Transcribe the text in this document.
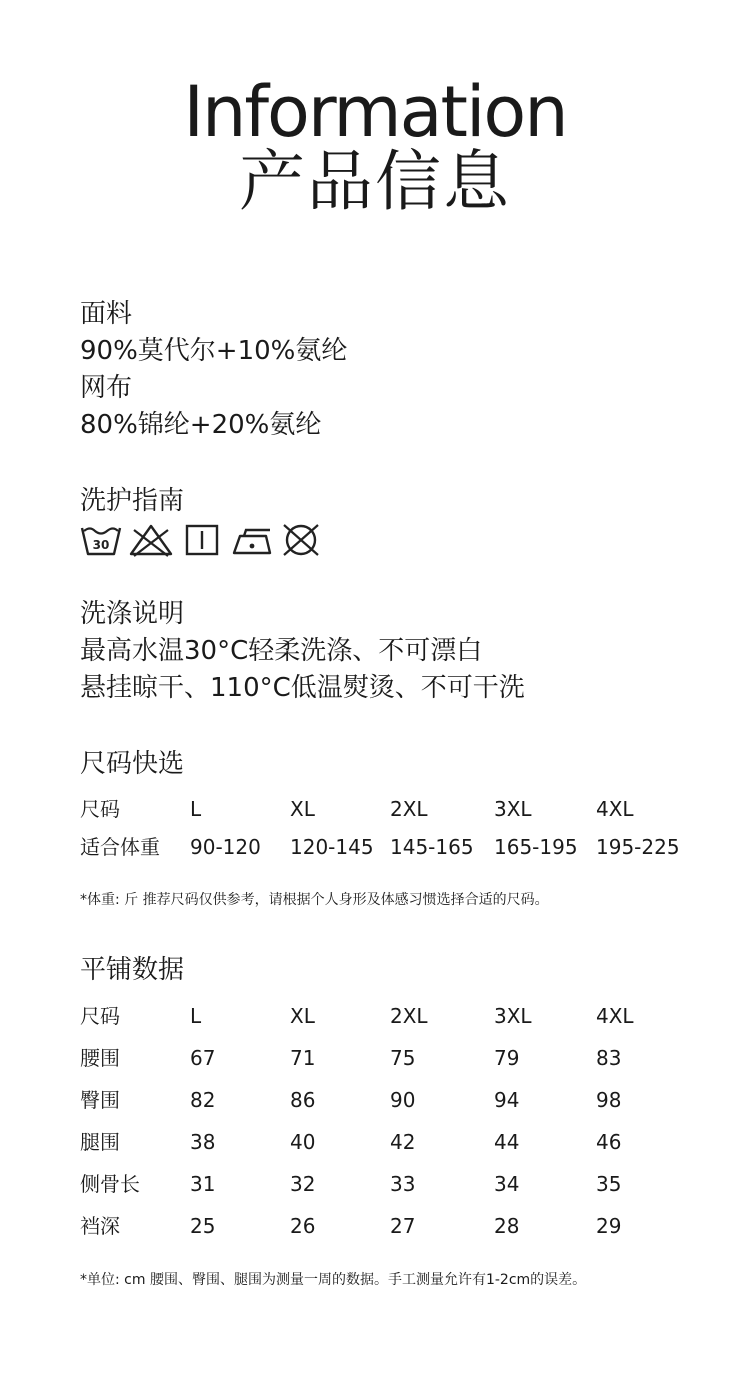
Information
产品信息
面料
90%莫代尔+10%氨纶
网布
80%锦纶+20%氨纶
洗护指南
30
洗涤说明
最高水温30°C轻柔洗涤、不可漂白
悬挂晾干、110°C低温熨烫、不可干洗
尺码快选
尺码	L	XL	2XL	3XL	4XL
适合体重 90-120 120-145 145-165 165-195 195-225
*体重: 斤 推荐尺码仅供参考，请根据个人身形及体感习惯选择合适的尺码。
平铺数据
尺码	L	XL	2XL	3XL	4XL
腰围	67	71	75	79	83
臀围	82	86	90	94	98
腿围	38	40	42	44	46
侧骨长	31	32	33	34	35
裆深	25	26	27	28	29
*单位: cm 腰围、臀围、腿围为测量一周的数据。手工测量允许有1-2cm的误差。
